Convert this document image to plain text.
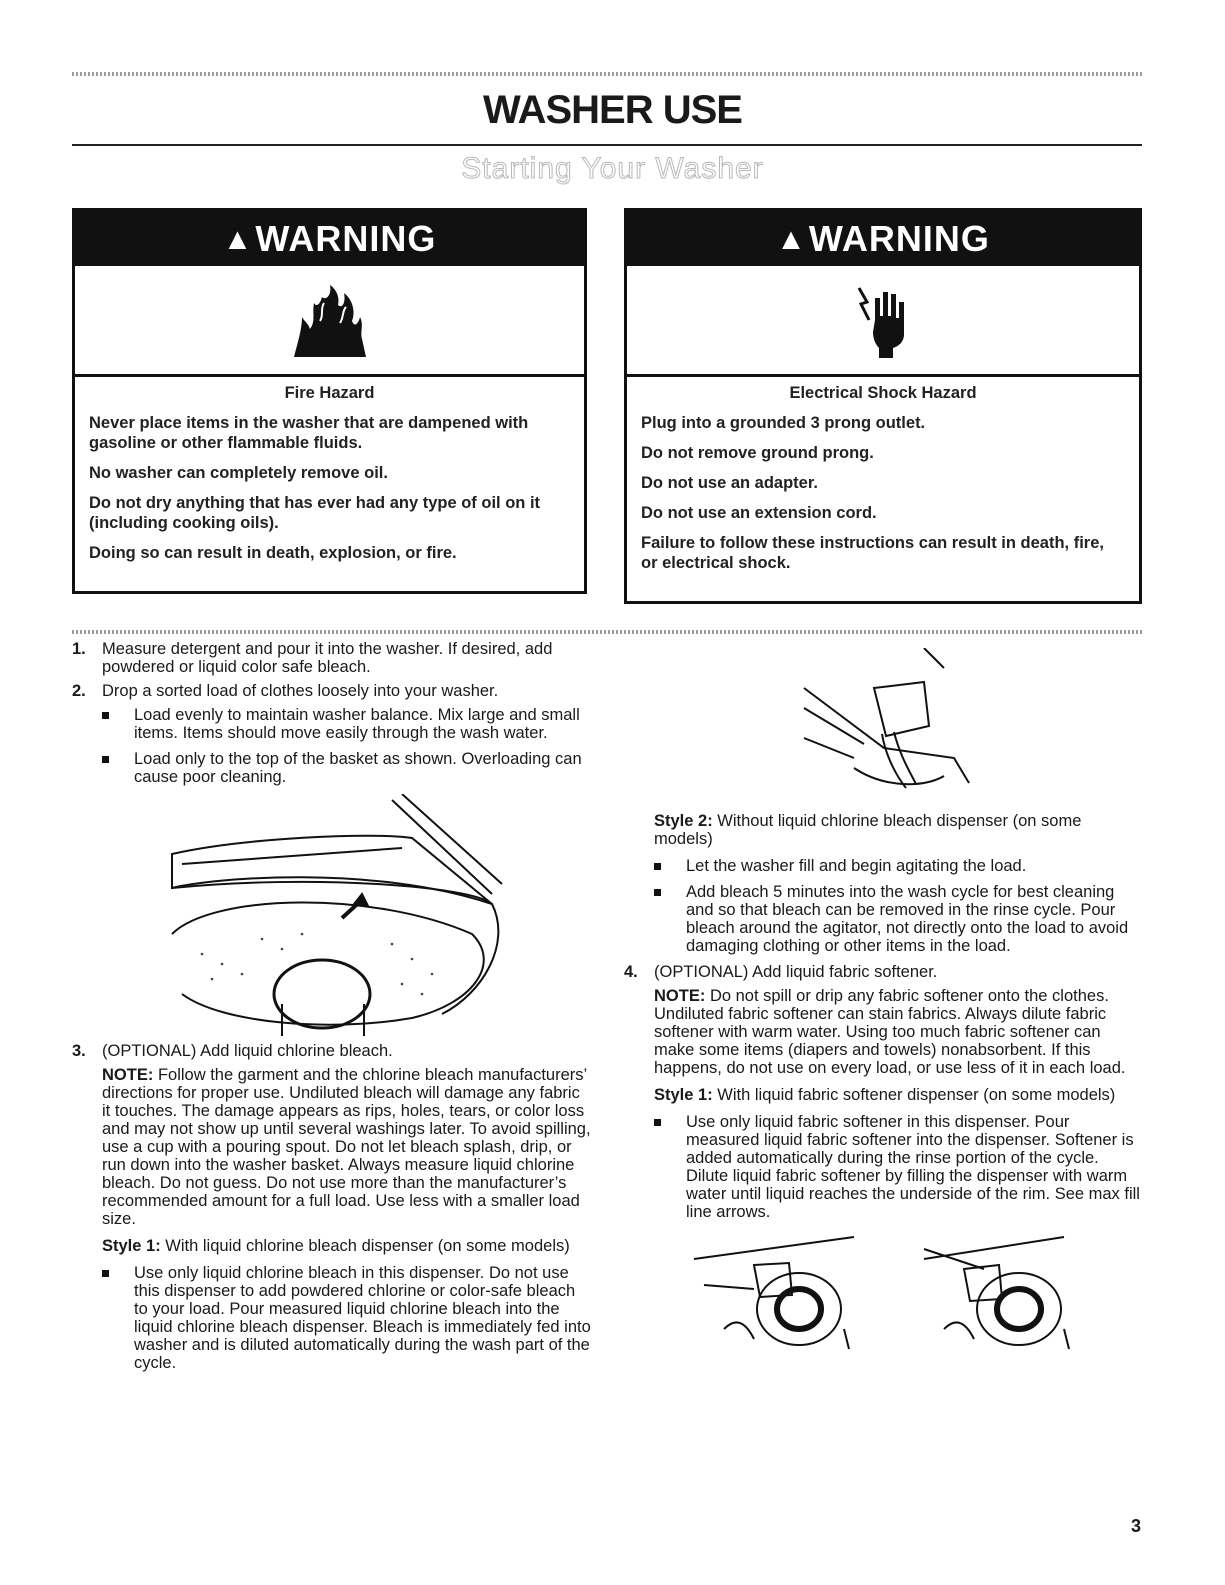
WASHER USE
Starting Your Washer
▲WARNING
Fire Hazard

Never place items in the washer that are dampened with gasoline or other flammable fluids.

No washer can completely remove oil.

Do not dry anything that has ever had any type of oil on it (including cooking oils).

Doing so can result in death, explosion, or fire.

▲WARNING
Electrical Shock Hazard

Plug into a grounded 3 prong outlet.

Do not remove ground prong.

Do not use an adapter.

Do not use an extension cord.

Failure to follow these instructions can result in death, fire, or electrical shock.

1. Measure detergent and pour it into the washer. If desired, add powdered or liquid color safe bleach.
2. Drop a sorted load of clothes loosely into your washer.
Load evenly to maintain washer balance. Mix large and small items. Items should move easily through the wash water.
Load only to the top of the basket as shown. Overloading can cause poor cleaning.
3. (OPTIONAL) Add liquid chlorine bleach.
NOTE: Follow the garment and the chlorine bleach manufacturers’ directions for proper use. Undiluted bleach will damage any fabric it touches. The damage appears as rips, holes, tears, or color loss and may not show up until several washings later. To avoid spilling, use a cup with a pouring spout. Do not let bleach splash, drip, or run down into the washer basket. Always measure liquid chlorine bleach. Do not guess. Do not use more than the manufacturer’s recommended amount for a full load. Use less with a smaller load size.
Style 1: With liquid chlorine bleach dispenser (on some models)
Use only liquid chlorine bleach in this dispenser. Do not use this dispenser to add powdered chlorine or color-safe bleach to your load. Pour measured liquid chlorine bleach into the liquid chlorine bleach dispenser. Bleach is immediately fed into washer and is diluted automatically during the wash part of the cycle.
Style 2: Without liquid chlorine bleach dispenser (on some models)
Let the washer fill and begin agitating the load.
Add bleach 5 minutes into the wash cycle for best cleaning and so that bleach can be removed in the rinse cycle. Pour bleach around the agitator, not directly onto the load to avoid damaging clothing or other items in the load.
4. (OPTIONAL) Add liquid fabric softener.
NOTE: Do not spill or drip any fabric softener onto the clothes. Undiluted fabric softener can stain fabrics. Always dilute fabric softener with warm water. Using too much fabric softener can make some items (diapers and towels) nonabsorbent. If this happens, do not use on every load, or use less of it in each load.
Style 1: With liquid fabric softener dispenser (on some models)
Use only liquid fabric softener in this dispenser. Pour measured liquid fabric softener into the dispenser. Softener is added automatically during the rinse portion of the cycle. Dilute liquid fabric softener by filling the dispenser with warm water until liquid reaches the underside of the rim. See max fill line arrows.
3
